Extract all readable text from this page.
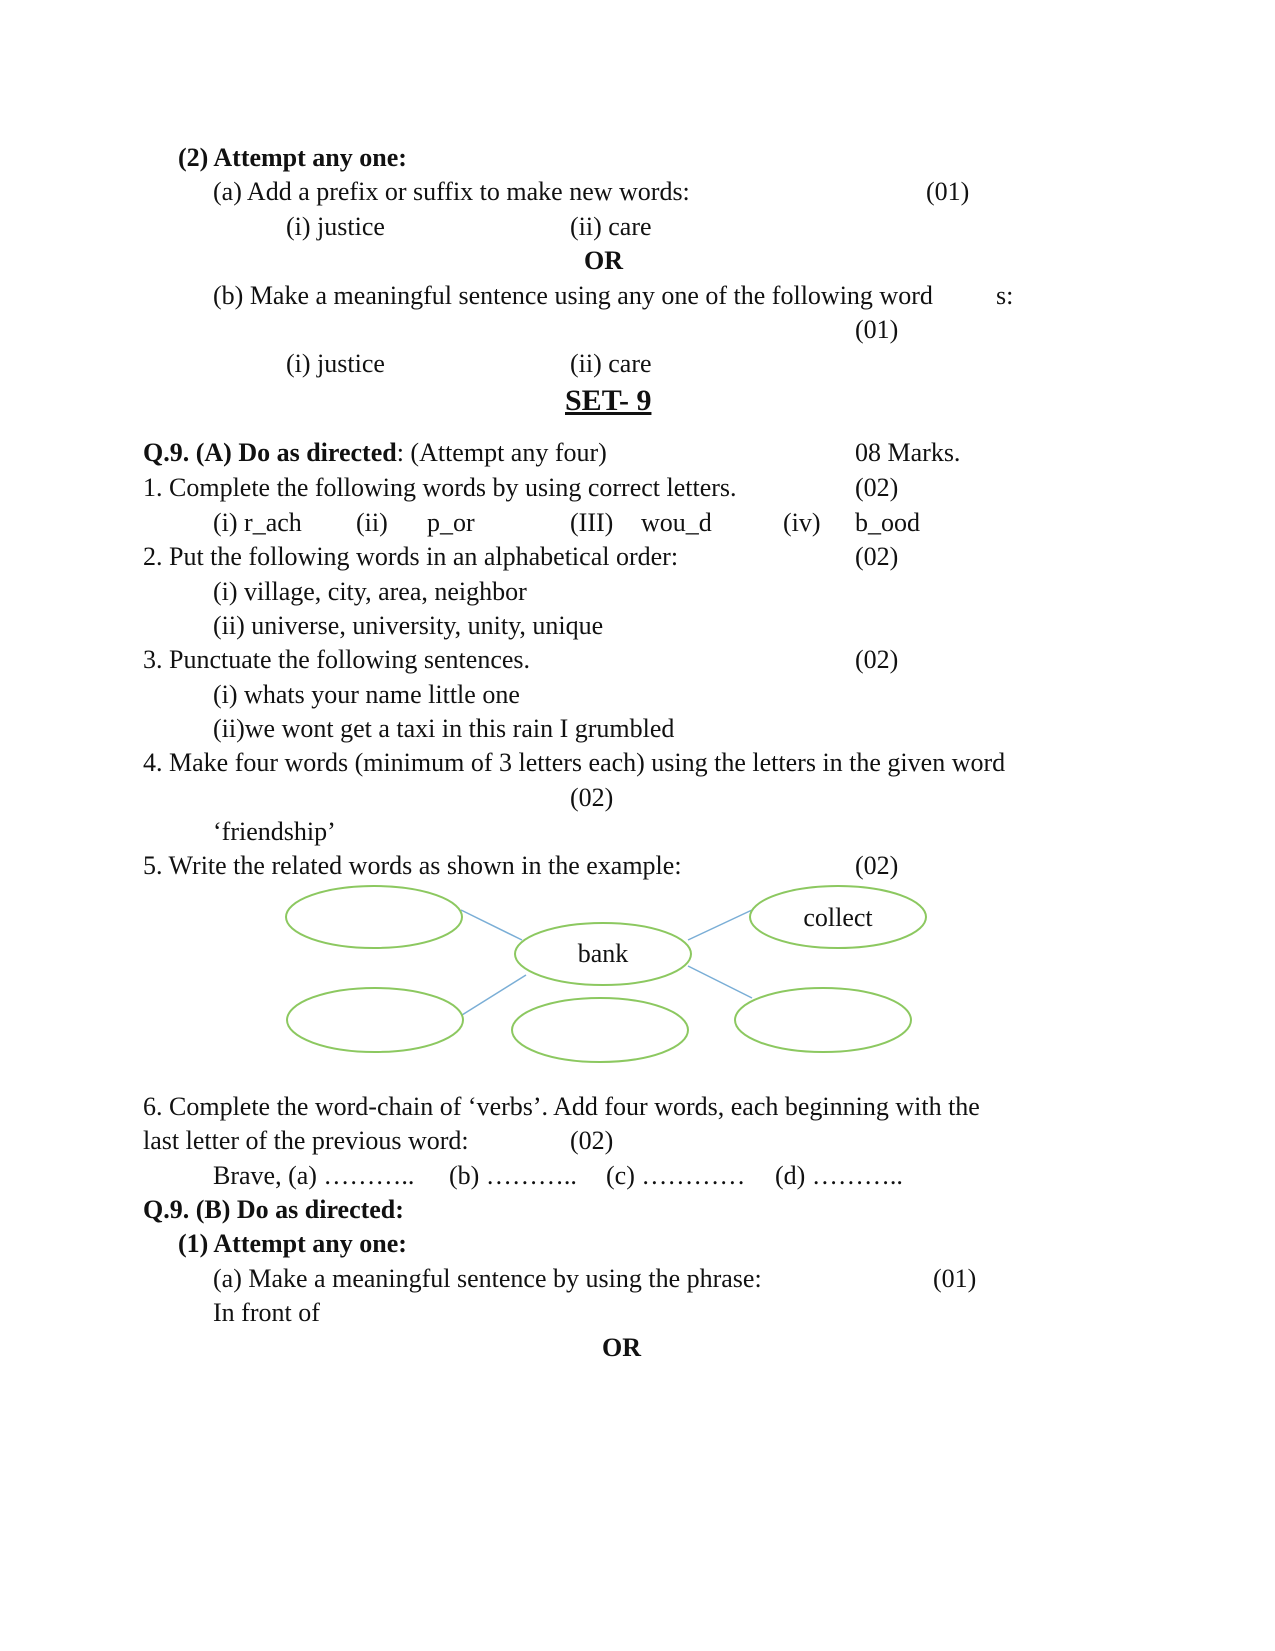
(2) Attempt any one:
(a) Add a prefix or suffix to make new words:	(01)
(i) justice	(ii) care
OR
(b) Make a meaningful sentence using any one of the following word s:
(01)
(i) justice	(ii) care
SET- 9
Q.9. (A) Do as directed: (Attempt any four)	08 Marks.
1. Complete the following words by using correct letters.	(02)
(i) r_ach (ii) p_or	(III) wou_d	(iv) b_ood
2. Put the following words in an alphabetical order:	(02)
(i) village, city, area, neighbor
(ii) universe, university, unity, unique
3. Punctuate the following sentences.	(02)
(i) whats your name little one
(ii)we wont get a taxi in this rain I grumbled
4. Make four words (minimum of 3 letters each) using the letters in the given word
(02)
‘friendship’
collect
bank
5. Write the related words as shown in the example:	(02)
6. Complete the word-chain of ‘verbs’. Add four words, each beginning with the
last letter of the previous word:	(02)
Brave, (a) ……….. (b) ……….. (c) ………… (d) ………..
Q.9. (B) Do as directed:
(1) Attempt any one:
(a) Make a meaningful sentence by using the phrase:	(01)
In front of
OR
